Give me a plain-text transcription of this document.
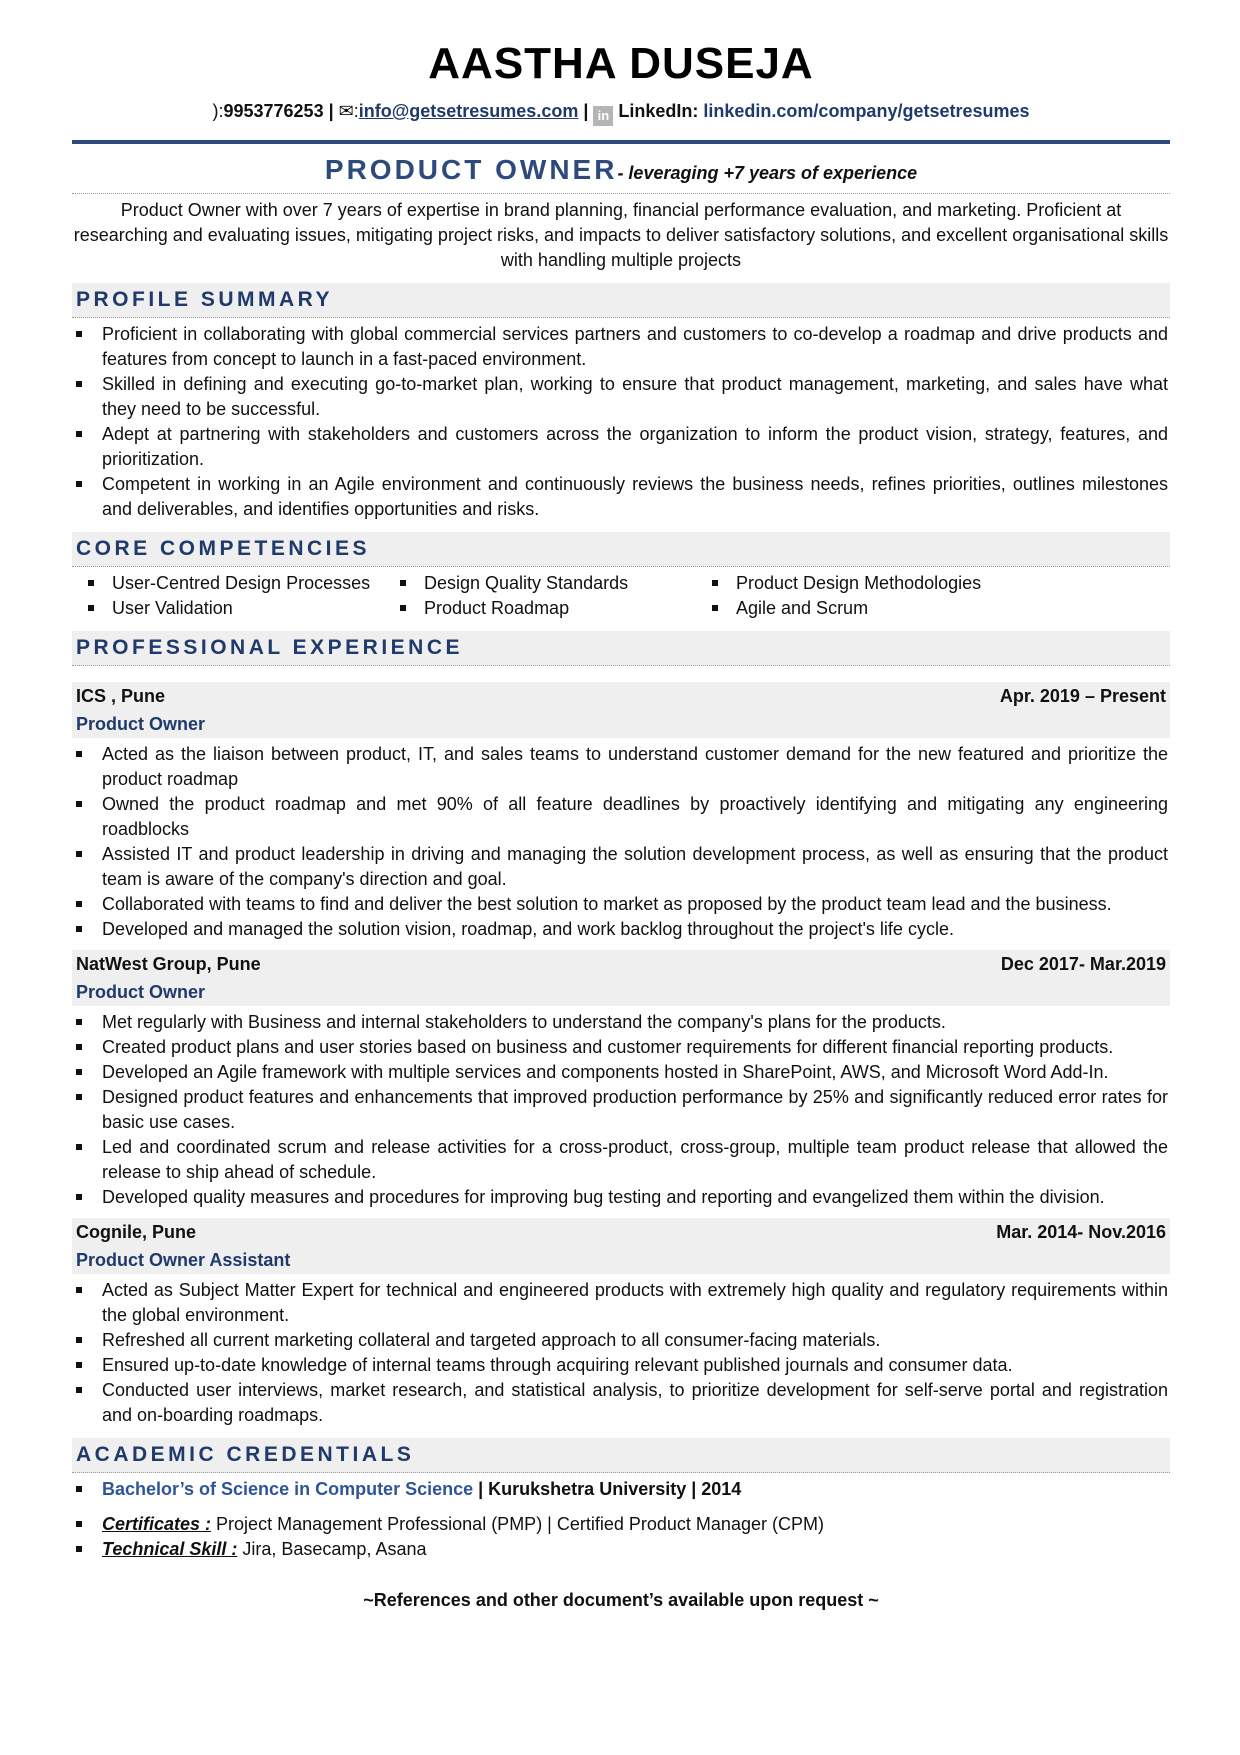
AASTHA DUSEJA
):9953776253 | ✉:info@getsetresumes.com | in LinkedIn: linkedin.com/company/getsetresumes
PRODUCT OWNER- leveraging +7 years of experience
Product Owner with over 7 years of expertise in brand planning, financial performance evaluation, and marketing. Proficient at researching and evaluating issues, mitigating project risks, and impacts to deliver satisfactory solutions, and excellent organisational skills with handling multiple projects
PROFILE SUMMARY
Proficient in collaborating with global commercial services partners and customers to co-develop a roadmap and drive products and features from concept to launch in a fast-paced environment.
Skilled in defining and executing go-to-market plan, working to ensure that product management, marketing, and sales have what they need to be successful.
Adept at partnering with stakeholders and customers across the organization to inform the product vision, strategy, features, and prioritization.
Competent in working in an Agile environment and continuously reviews the business needs, refines priorities, outlines milestones and deliverables, and identifies opportunities and risks.
CORE COMPETENCIES
User-Centred Design Processes	Design Quality Standards	Product Design Methodologies
User Validation	Product Roadmap	Agile and Scrum
PROFESSIONAL EXPERIENCE
ICS , Pune	Apr. 2019 – Present
Product Owner
Acted as the liaison between product, IT, and sales teams to understand customer demand for the new featured and prioritize the product roadmap
Owned the product roadmap and met 90% of all feature deadlines by proactively identifying and mitigating any engineering roadblocks
Assisted IT and product leadership in driving and managing the solution development process, as well as ensuring that the product team is aware of the company's direction and goal.
Collaborated with teams to find and deliver the best solution to market as proposed by the product team lead and the business.
Developed and managed the solution vision, roadmap, and work backlog throughout the project's life cycle.
NatWest Group, Pune	Dec 2017- Mar.2019
Product Owner
Met regularly with Business and internal stakeholders to understand the company's plans for the products.
Created product plans and user stories based on business and customer requirements for different financial reporting products.
Developed an Agile framework with multiple services and components hosted in SharePoint, AWS, and Microsoft Word Add-In.
Designed product features and enhancements that improved production performance by 25% and significantly reduced error rates for basic use cases.
Led and coordinated scrum and release activities for a cross-product, cross-group, multiple team product release that allowed the release to ship ahead of schedule.
Developed quality measures and procedures for improving bug testing and reporting and evangelized them within the division.
Cognile, Pune	Mar. 2014- Nov.2016
Product Owner Assistant
Acted as Subject Matter Expert for technical and engineered products with extremely high quality and regulatory requirements within the global environment.
Refreshed all current marketing collateral and targeted approach to all consumer-facing materials.
Ensured up-to-date knowledge of internal teams through acquiring relevant published journals and consumer data.
Conducted user interviews, market research, and statistical analysis, to prioritize development for self-serve portal and registration and on-boarding roadmaps.
ACADEMIC CREDENTIALS
Bachelor’s of Science in Computer Science | Kurukshetra University | 2014
Certificates : Project Management Professional (PMP) | Certified Product Manager (CPM)
Technical Skill : Jira, Basecamp, Asana
~References and other document’s available upon request ~
